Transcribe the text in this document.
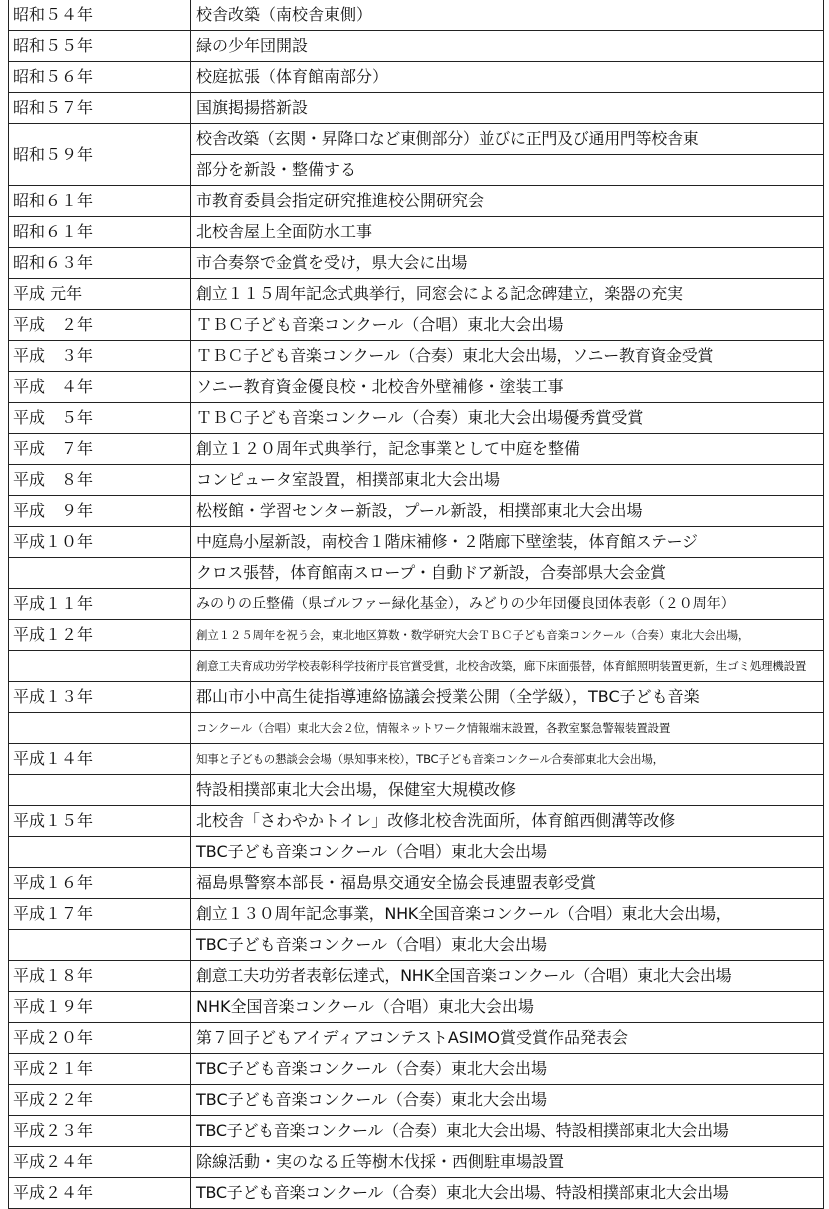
昭和５４年	校舎改築（南校舎東側）
昭和５５年	緑の少年団開設
昭和５６年	校庭拡張（体育館南部分）
昭和５７年	国旗掲揚搭新設
昭和５９年	校舎改築（玄関・昇降口など東側部分）並びに正門及び通用門等校舎東
	部分を新設・整備する
昭和６１年	市教育委員会指定研究推進校公開研究会
昭和６１年	北校舎屋上全面防水工事
昭和６３年	市合奏祭で金賞を受け，県大会に出場
平成 元年	創立１１５周年記念式典挙行，同窓会による記念碑建立，楽器の充実
平成　２年	ＴＢＣ子ども音楽コンクール（合唱）東北大会出場
平成　３年	ＴＢＣ子ども音楽コンクール（合奏）東北大会出場，ソニー教育資金受賞
平成　４年	ソニー教育資金優良校・北校舎外壁補修・塗装工事
平成　５年	ＴＢＣ子ども音楽コンクール（合奏）東北大会出場優秀賞受賞
平成　７年	創立１２０周年式典挙行，記念事業として中庭を整備
平成　８年	コンピュータ室設置，相撲部東北大会出場
平成　９年	松桜館・学習センター新設，プール新設，相撲部東北大会出場
平成１０年	中庭鳥小屋新設，南校舎１階床補修・２階廊下壁塗装，体育館ステージ
	クロス張替，体育館南スロープ・自動ドア新設，合奏部県大会金賞
平成１１年	みのりの丘整備（県ゴルファー緑化基金），みどりの少年団優良団体表彰（２０周年）
平成１２年	創立１２５周年を祝う会，東北地区算数・数学研究大会ＴＢＣ子ども音楽コンクール（合奏）東北大会出場，
	創意工夫育成功労学校表彰科学技術庁長官賞受賞，北校舎改築，廊下床面張替，体育館照明装置更新，生ゴミ処理機設置
平成１３年	郡山市小中高生徒指導連絡協議会授業公開（全学級），TBC子ども音楽
	コンクール（合唱）東北大会２位，情報ネットワーク情報端末設置，各教室緊急警報装置設置
平成１４年	知事と子どもの懇談会会場（県知事来校），TBC子ども音楽コンクール合奏部東北大会出場，
	特設相撲部東北大会出場，保健室大規模改修
平成１５年	北校舎「さわやかトイレ」改修北校舎洗面所，体育館西側溝等改修
	TBC子ども音楽コンクール（合唱）東北大会出場
平成１６年	福島県警察本部長・福島県交通安全協会長連盟表彰受賞
平成１７年	創立１３０周年記念事業，NHK全国音楽コンクール（合唱）東北大会出場，
	TBC子ども音楽コンクール（合唱）東北大会出場
平成１８年	創意工夫功労者表彰伝達式，NHK全国音楽コンクール（合唱）東北大会出場
平成１９年	NHK全国音楽コンクール（合唱）東北大会出場
平成２０年	第７回子どもアイディアコンテストASIMO賞受賞作品発表会
平成２１年	TBC子ども音楽コンクール（合奏）東北大会出場
平成２２年	TBC子ども音楽コンクール（合奏）東北大会出場
平成２３年	TBC子ども音楽コンクール（合奏）東北大会出場、特設相撲部東北大会出場
平成２４年	除線活動・実のなる丘等樹木伐採・西側駐車場設置
平成２４年	TBC子ども音楽コンクール（合奏）東北大会出場、特設相撲部東北大会出場
